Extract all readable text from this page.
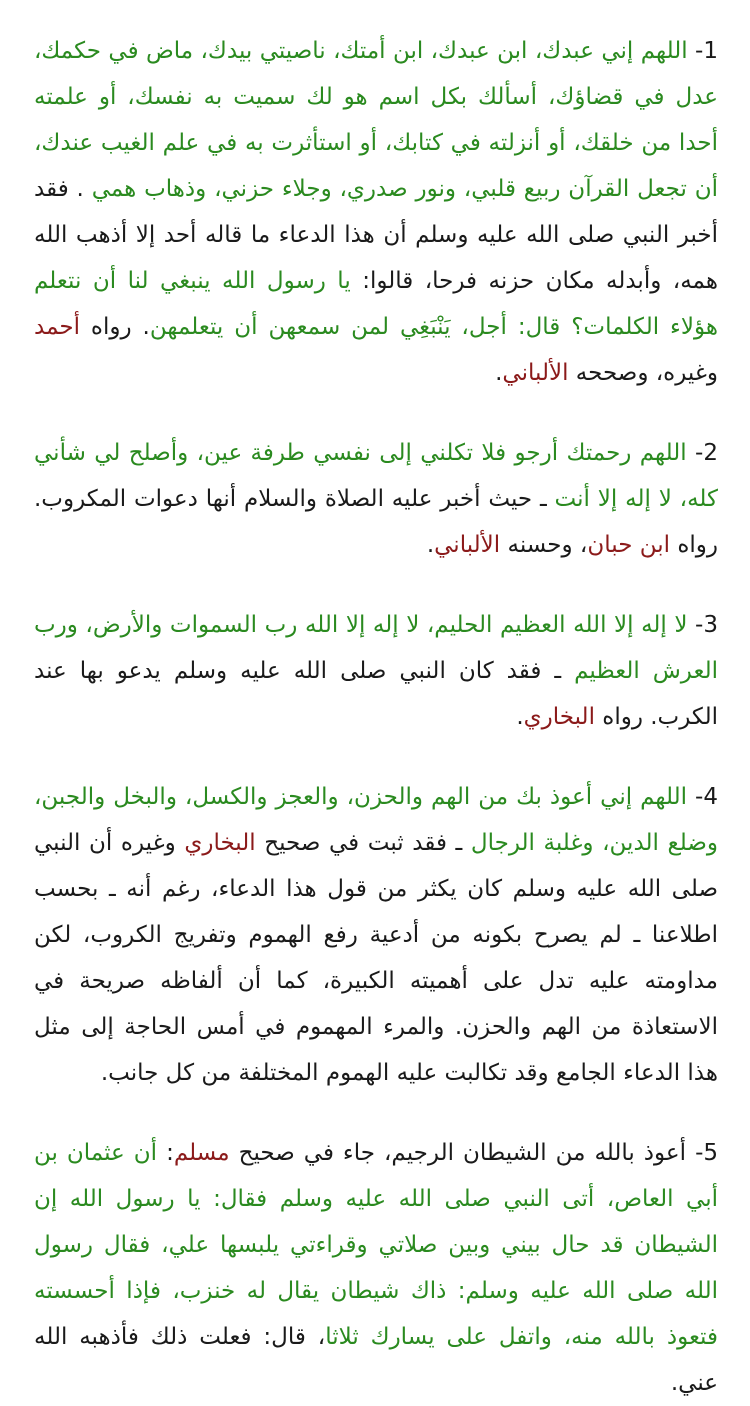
1- اللهم إني عبدك، ابن عبدك، ابن أمتك، ناصيتي بيدك، ماض في حكمك، عدل في قضاؤك، أسألك بكل اسم هو لك سميت به نفسك، أو علمته أحدا من خلقك، أو أنزلته في كتابك، أو استأثرت به في علم الغيب عندك، أن تجعل القرآن ربيع قلبي، ونور صدري، وجلاء حزني، وذهاب همي . فقد أخبر النبي صلى الله عليه وسلم أن هذا الدعاء ما قاله أحد إلا أذهب الله همه، وأبدله مكان حزنه فرحا، قالوا: يا رسول الله ينبغي لنا أن نتعلم هؤلاء الكلمات؟ قال: أجل، يَنْبَغِي لمن سمعهن أن يتعلمهن. رواه أحمد وغيره، وصححه الألباني.

2- اللهم رحمتك أرجو فلا تكلني إلى نفسي طرفة عين، وأصلح لي شأني كله، لا إله إلا أنت ـ حيث أخبر عليه الصلاة والسلام أنها دعوات المكروب. رواه ابن حبان، وحسنه الألباني.

3- لا إله إلا الله العظيم الحليم، لا إله إلا الله رب السموات والأرض، ورب العرش العظيم ـ فقد كان النبي صلى الله عليه وسلم يدعو بها عند الكرب. رواه البخاري.

4- اللهم إني أعوذ بك من الهم والحزن، والعجز والكسل، والبخل والجبن، وضلع الدين، وغلبة الرجال ـ فقد ثبت في صحيح البخاري وغيره أن النبي صلى الله عليه وسلم كان يكثر من قول هذا الدعاء، رغم أنه ـ بحسب اطلاعنا ـ لم يصرح بكونه من أدعية رفع الهموم وتفريج الكروب، لكن مداومته عليه تدل على أهميته الكبيرة، كما أن ألفاظه صريحة في الاستعاذة من الهم والحزن. والمرء المهموم في أمس الحاجة إلى مثل هذا الدعاء الجامع وقد تكالبت عليه الهموم المختلفة من كل جانب.

5- أعوذ بالله من الشيطان الرجيم، جاء في صحيح مسلم: أن عثمان بن أبي العاص، أتى النبي صلى الله عليه وسلم فقال: يا رسول الله إن الشيطان قد حال بيني وبين صلاتي وقراءتي يلبسها علي، فقال رسول الله صلى الله عليه وسلم: ذاك شيطان يقال له خنزب، فإذا أحسسته فتعوذ بالله منه، واتفل على يسارك ثلاثا، قال: فعلت ذلك فأذهبه الله عني.
